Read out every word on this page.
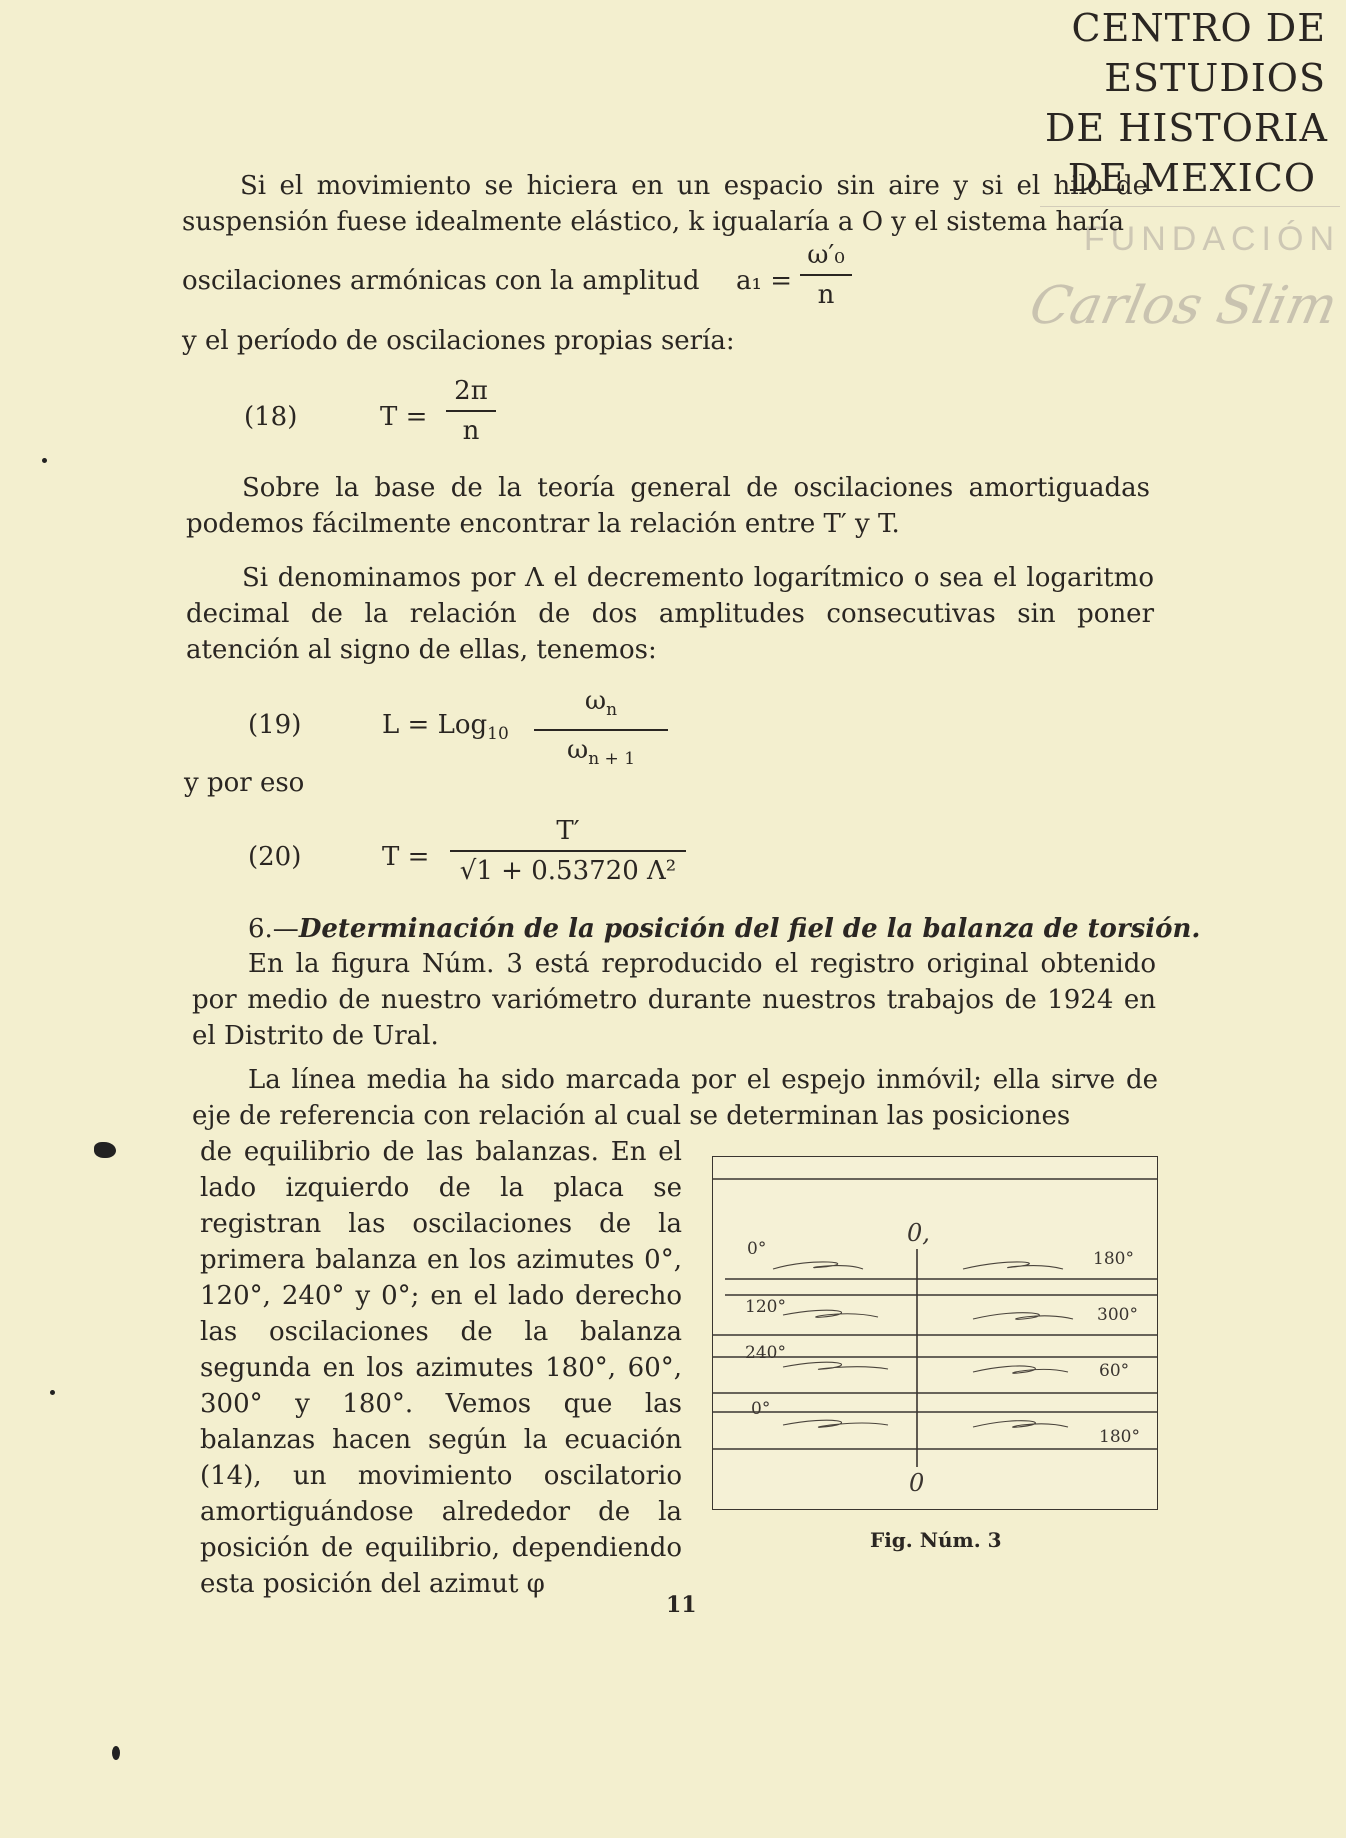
CENTRO DE
ESTUDIOS
DE HISTORIA
DE MEXICO
FUNDACIÓN
Carlos Slim
Si el movimiento se hiciera en un espacio sin aire y si el hilo de suspensión fuese idealmente elástico, k igualaría a O y el sistema haría
oscilaciones armónicas con la amplitud a₁ =
ω′₀
n
y el período de oscilaciones propias sería:
(18)	T =
2π
n
Sobre la base de la teoría general de oscilaciones amortiguadas podemos fácilmente encontrar la relación entre T′ y T.
Si denominamos por Λ el decremento logarítmico o sea el logaritmo decimal de la relación de dos amplitudes consecutivas sin poner atención al signo de ellas, tenemos:
(19)	L = Log$_{10}$
$\omega_n$
$\omega_{n + 1}$
y por eso
(20)	T =
T′
√1 + 0.53720 Λ²
6.—Determinación de la posición del fiel de la balanza de torsión.
En la figura Núm. 3 está reproducido el registro original obtenido por medio de nuestro variómetro durante nuestros trabajos de 1924 en el Distrito de Ural.
La línea media ha sido marcada por el espejo inmóvil; ella sirve de eje de referencia con relación al cual se determinan las posiciones
de equilibrio de las balanzas. En el lado izquierdo de la placa se registran las oscilaciones de la primera balanza en los azimutes 0°, 120°, 240° y 0°; en el lado derecho las oscilaciones de la balanza segunda en los azimutes 180°, 60°, 300° y 180°. Vemos que las balanzas hacen según la ecuación (14), un movimiento oscilatorio amortiguándose alrededor de la posición de equilibrio, dependiendo esta posición del azimut φ
0,
0
0°
120°
240°
0°
180°
300°
60°
180°
Fig. Núm. 3
11
